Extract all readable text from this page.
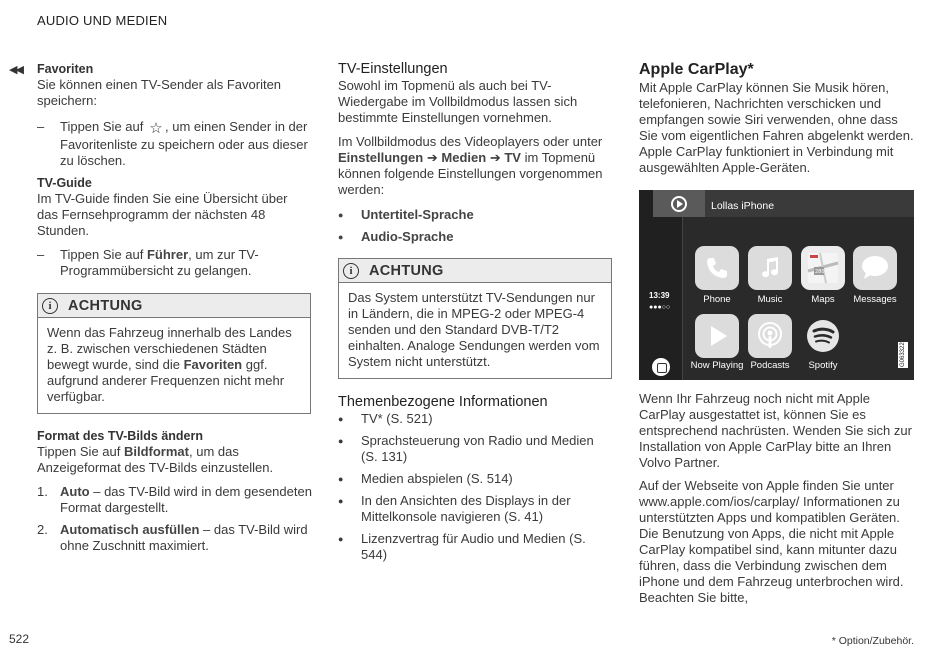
AUDIO UND MEDIEN
◀◀ Favoriten

Sie können einen TV-Sender als Favoriten speichern:

– Tippen Sie auf ☆ , um einen Sender in der Favoritenliste zu speichern oder aus dieser zu löschen.

TV-Guide

Im TV-Guide finden Sie eine Übersicht über das Fernsehprogramm der nächsten 48 Stunden.

– Tippen Sie auf Führer, um zur TV-Programmübersicht zu gelangen.

i	ACHTUNG
Wenn das Fahrzeug innerhalb des Landes z. B. zwischen verschiedenen Städten bewegt wurde, sind die Favoriten ggf. aufgrund anderer Frequenzen nicht mehr verfügbar.
Format des TV-Bilds ändern

Tippen Sie auf Bildformat, um das Anzeigeformat des TV-Bilds einzustellen.

1. Auto – das TV-Bild wird in dem gesendeten Format dargestellt.

2. Automatisch ausfüllen – das TV-Bild wird ohne Zuschnitt maximiert.

TV-Einstellungen

Sowohl im Topmenü als auch bei TV-Wiedergabe im Vollbildmodus lassen sich bestimmte Einstellungen vornehmen.

Im Vollbildmodus des Videoplayers oder unter Einstellungen ➔ Medien ➔ TV im Topmenü können folgende Einstellungen vorgenommen werden:

● Untertitel-Sprache

● Audio-Sprache

i	ACHTUNG
Das System unterstützt TV-Sendungen nur in Ländern, die in MPEG-2 oder MPEG-4 senden und den Standard DVB-T/T2 einhalten. Analoge Sendungen werden vom System nicht unterstützt.
Themenbezogene Informationen

● TV* (S. 521)

● Sprachsteuerung von Radio und Medien (S. 131)

● Medien abspielen (S. 514)

● In den Ansichten des Displays in der Mittelkonsole navigieren (S. 41)

● Lizenzvertrag für Audio und Medien (S. 544)

Apple CarPlay*

Mit Apple CarPlay können Sie Musik hören, telefonieren, Nachrichten verschicken und empfangen sowie Siri verwenden, ohne dass Sie vom eigentlichen Fahren abgelenkt werden. Apple CarPlay funktioniert in Verbindung mit ausgewählten Apple-Geräten.

Lollas iPhone
13:39
●●●○○
Phone	Music
280
Maps	Messages
Now Playing Podcasts	Spotify	G063322

Wenn Ihr Fahrzeug noch nicht mit Apple CarPlay ausgestattet ist, können Sie es entsprechend nachrüsten. Wenden Sie sich zur Installation von Apple CarPlay bitte an Ihren Volvo Partner.

Auf der Webseite von Apple finden Sie unter www.apple.com/ios/carplay/ Informationen zu unterstützten Apps und kompatiblen Geräten. Die Benutzung von Apps, die nicht mit Apple CarPlay kompatibel sind, kann mitunter dazu führen, dass die Verbindung zwischen dem iPhone und dem Fahrzeug unterbrochen wird. Beachten Sie bitte,

522	* Option/Zubehör.
